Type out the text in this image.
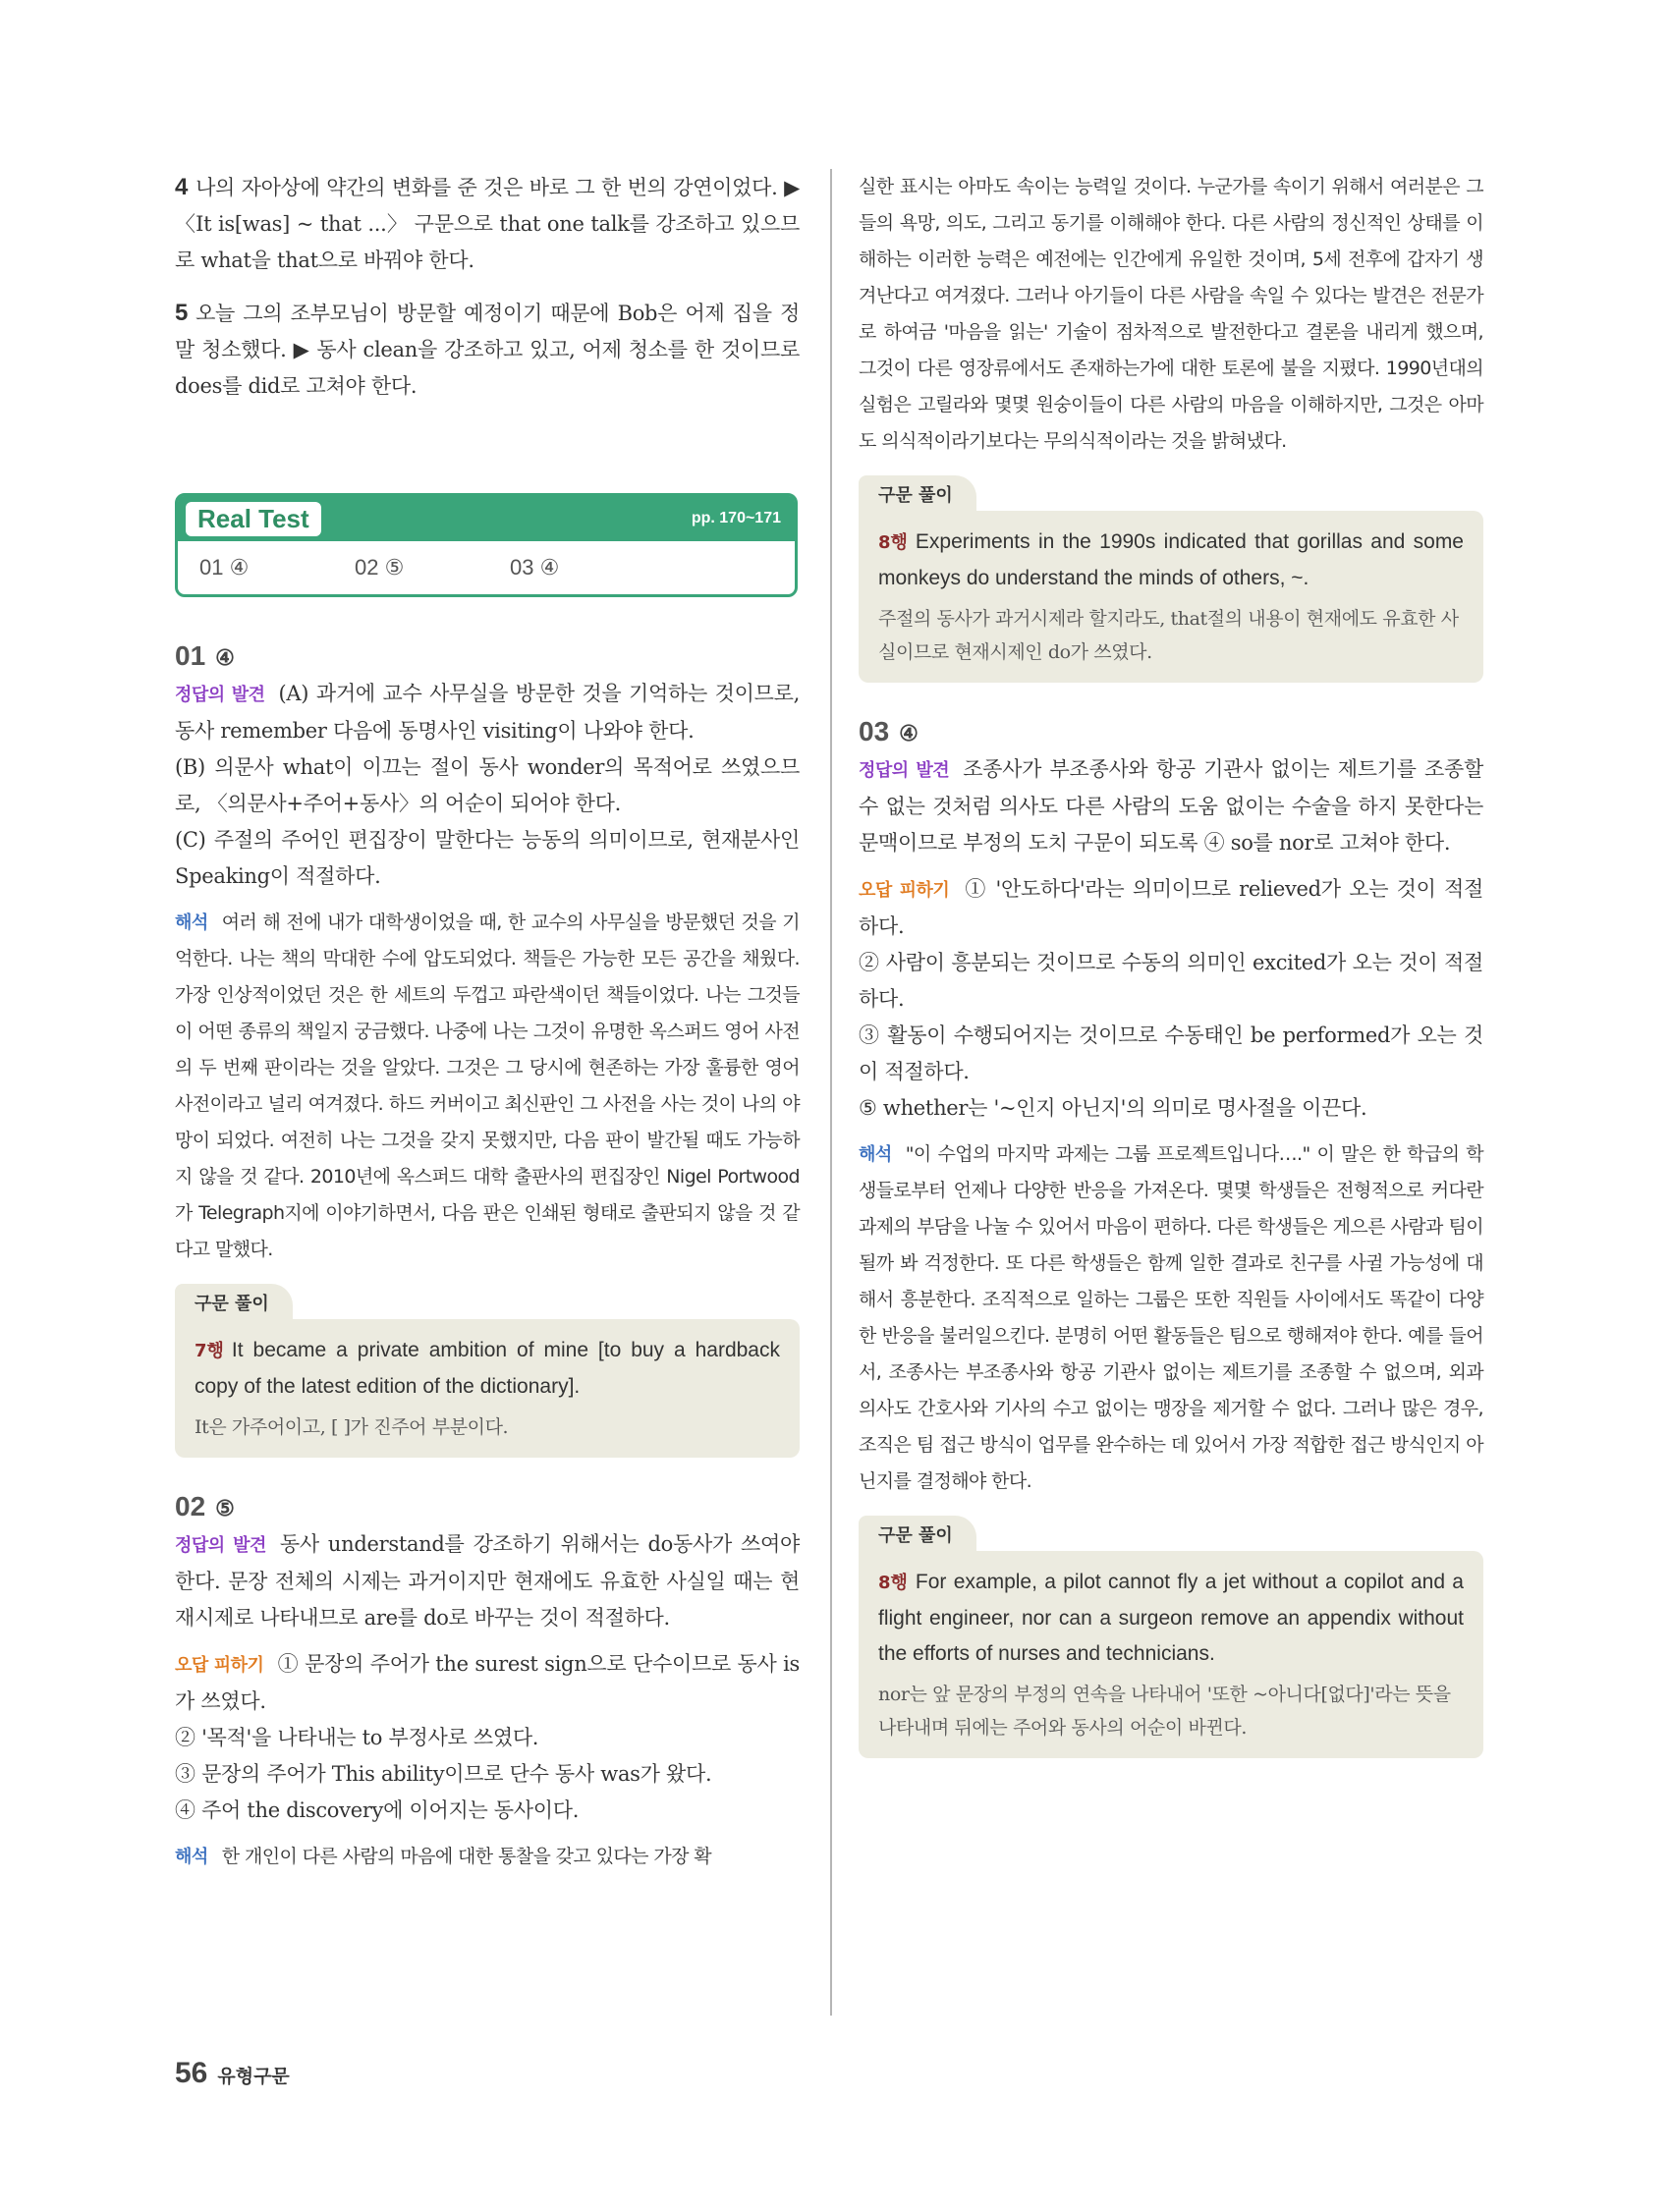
4 나의 자아상에 약간의 변화를 준 것은 바로 그 한 번의 강연이었다. ▶〈It is[was] ~ that ...〉 구문으로 that one talk를 강조하고 있으므로 what을 that으로 바꿔야 한다.

5 오늘 그의 조부모님이 방문할 예정이기 때문에 Bob은 어제 집을 정말 청소했다. ▶ 동사 clean을 강조하고 있고, 어제 청소를 한 것이므로 does를 did로 고쳐야 한다.

Real Test	pp. 170~171
01 ④	02 ⑤	03 ④
01 ④

정답의 발견 (A) 과거에 교수 사무실을 방문한 것을 기억하는 것이므로, 동사 remember 다음에 동명사인 visiting이 나와야 한다.

(B) 의문사 what이 이끄는 절이 동사 wonder의 목적어로 쓰였으므로, 〈의문사+주어+동사〉의 어순이 되어야 한다.

(C) 주절의 주어인 편집장이 말한다는 능동의 의미이므로, 현재분사인 Speaking이 적절하다.

해석 여러 해 전에 내가 대학생이었을 때, 한 교수의 사무실을 방문했던 것을 기억한다. 나는 책의 막대한 수에 압도되었다. 책들은 가능한 모든 공간을 채웠다. 가장 인상적이었던 것은 한 세트의 두껍고 파란색이던 책들이었다. 나는 그것들이 어떤 종류의 책일지 궁금했다. 나중에 나는 그것이 유명한 옥스퍼드 영어 사전의 두 번째 판이라는 것을 알았다. 그것은 그 당시에 현존하는 가장 훌륭한 영어 사전이라고 널리 여겨졌다. 하드 커버이고 최신판인 그 사전을 사는 것이 나의 야망이 되었다. 여전히 나는 그것을 갖지 못했지만, 다음 판이 발간될 때도 가능하지 않을 것 같다. 2010년에 옥스퍼드 대학 출판사의 편집장인 Nigel Portwood가 Telegraph지에 이야기하면서, 다음 판은 인쇄된 형태로 출판되지 않을 것 같다고 말했다.

구문 풀이

7행 It became a private ambition of mine [to buy a hardback copy of the latest edition of the dictionary].

It은 가주어이고, [ ]가 진주어 부분이다.

02 ⑤

정답의 발견 동사 understand를 강조하기 위해서는 do동사가 쓰여야 한다. 문장 전체의 시제는 과거이지만 현재에도 유효한 사실일 때는 현재시제로 나타내므로 are를 do로 바꾸는 것이 적절하다.

오답 피하기 ① 문장의 주어가 the surest sign으로 단수이므로 동사 is가 쓰였다.

② '목적'을 나타내는 to 부정사로 쓰였다.

③ 문장의 주어가 This ability이므로 단수 동사 was가 왔다.

④ 주어 the discovery에 이어지는 동사이다.

해석 한 개인이 다른 사람의 마음에 대한 통찰을 갖고 있다는 가장 확

실한 표시는 아마도 속이는 능력일 것이다. 누군가를 속이기 위해서 여러분은 그들의 욕망, 의도, 그리고 동기를 이해해야 한다. 다른 사람의 정신적인 상태를 이해하는 이러한 능력은 예전에는 인간에게 유일한 것이며, 5세 전후에 갑자기 생겨난다고 여겨졌다. 그러나 아기들이 다른 사람을 속일 수 있다는 발견은 전문가로 하여금 '마음을 읽는' 기술이 점차적으로 발전한다고 결론을 내리게 했으며, 그것이 다른 영장류에서도 존재하는가에 대한 토론에 불을 지폈다. 1990년대의 실험은 고릴라와 몇몇 원숭이들이 다른 사람의 마음을 이해하지만, 그것은 아마도 의식적이라기보다는 무의식적이라는 것을 밝혀냈다.

구문 풀이

8행 Experiments in the 1990s indicated that gorillas and some monkeys do understand the minds of others, ~.

주절의 동사가 과거시제라 할지라도, that절의 내용이 현재에도 유효한 사실이므로 현재시제인 do가 쓰였다.

03 ④

정답의 발견 조종사가 부조종사와 항공 기관사 없이는 제트기를 조종할 수 없는 것처럼 의사도 다른 사람의 도움 없이는 수술을 하지 못한다는 문맥이므로 부정의 도치 구문이 되도록 ④ so를 nor로 고쳐야 한다.

오답 피하기 ① '안도하다'라는 의미이므로 relieved가 오는 것이 적절하다.

② 사람이 흥분되는 것이므로 수동의 의미인 excited가 오는 것이 적절하다.

③ 활동이 수행되어지는 것이므로 수동태인 be performed가 오는 것이 적절하다.

⑤ whether는 '~인지 아닌지'의 의미로 명사절을 이끈다.

해석 "이 수업의 마지막 과제는 그룹 프로젝트입니다…." 이 말은 한 학급의 학생들로부터 언제나 다양한 반응을 가져온다. 몇몇 학생들은 전형적으로 커다란 과제의 부담을 나눌 수 있어서 마음이 편하다. 다른 학생들은 게으른 사람과 팀이 될까 봐 걱정한다. 또 다른 학생들은 함께 일한 결과로 친구를 사귈 가능성에 대해서 흥분한다. 조직적으로 일하는 그룹은 또한 직원들 사이에서도 똑같이 다양한 반응을 불러일으킨다. 분명히 어떤 활동들은 팀으로 행해져야 한다. 예를 들어서, 조종사는 부조종사와 항공 기관사 없이는 제트기를 조종할 수 없으며, 외과 의사도 간호사와 기사의 수고 없이는 맹장을 제거할 수 없다. 그러나 많은 경우, 조직은 팀 접근 방식이 업무를 완수하는 데 있어서 가장 적합한 접근 방식인지 아닌지를 결정해야 한다.

구문 풀이

8행 For example, a pilot cannot fly a jet without a copilot and a flight engineer, nor can a surgeon remove an appendix without the efforts of nurses and technicians.

nor는 앞 문장의 부정의 연속을 나타내어 '또한 ~아니다[없다]'라는 뜻을 나타내며 뒤에는 주어와 동사의 어순이 바뀐다.

56 유형구문
